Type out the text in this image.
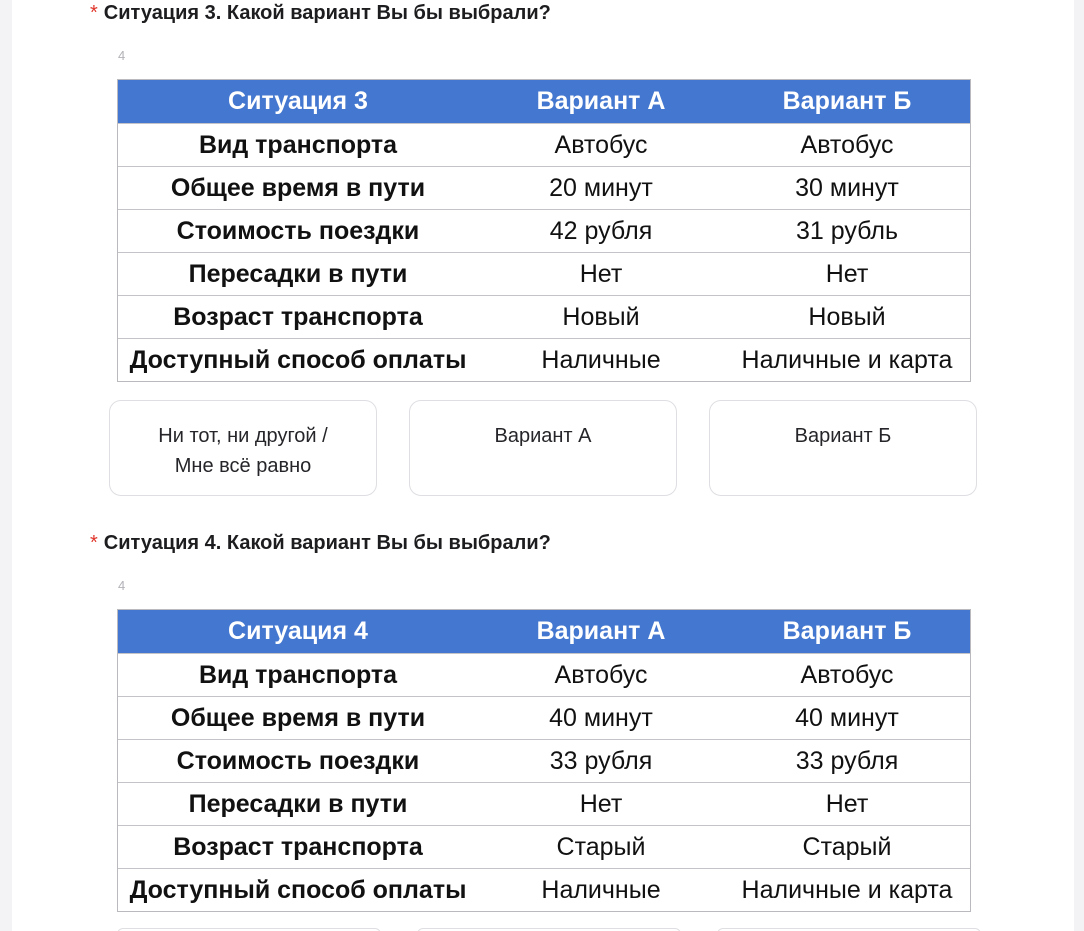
* Ситуация 3. Какой вариант Вы бы выбрали?
4
Ситуация 3	Вариант А	Вариант Б
Вид транспорта	Автобус	Автобус
Общее время в пути	20 минут	30 минут
Стоимость поездки	42 рубля	31 рубль
Пересадки в пути	Нет	Нет
Возраст транспорта	Новый	Новый
Доступный способ оплаты	Наличные	Наличные и карта
Ни тот, ни другой /
Мне всё равно
Вариант А	Вариант Б
* Ситуация 4. Какой вариант Вы бы выбрали?
4
Ситуация 4	Вариант А	Вариант Б
Вид транспорта	Автобус	Автобус
Общее время в пути	40 минут	40 минут
Стоимость поездки	33 рубля	33 рубля
Пересадки в пути	Нет	Нет
Возраст транспорта	Старый	Старый
Доступный способ оплаты	Наличные	Наличные и карта
